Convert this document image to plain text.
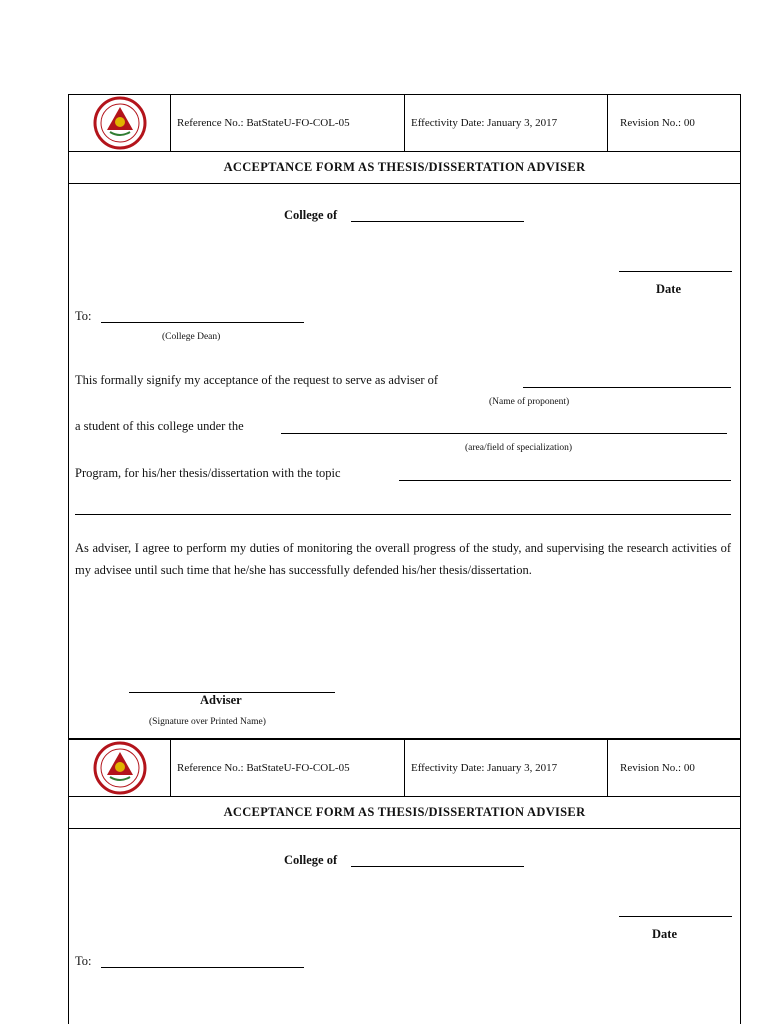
Reference No.: BatStateU-FO-COL-05	Effectivity Date: January 3, 2017	Revision No.: 00
ACCEPTANCE FORM AS THESIS/DISSERTATION ADVISER
College of
Date
To:
(College Dean)
This formally signify my acceptance of the request to serve as adviser of
(Name of proponent)
a student of this college under the
(area/field of specialization)
Program, for his/her thesis/dissertation with the topic
As adviser, I agree to perform my duties of monitoring the overall progress of the study, and supervising the research activities of my advisee until such time that he/she has successfully defended his/her thesis/dissertation.
Adviser
(Signature over Printed Name)
Reference No.: BatStateU-FO-COL-05	Effectivity Date: January 3, 2017	Revision No.: 00
ACCEPTANCE FORM AS THESIS/DISSERTATION ADVISER
College of
Date
To:
